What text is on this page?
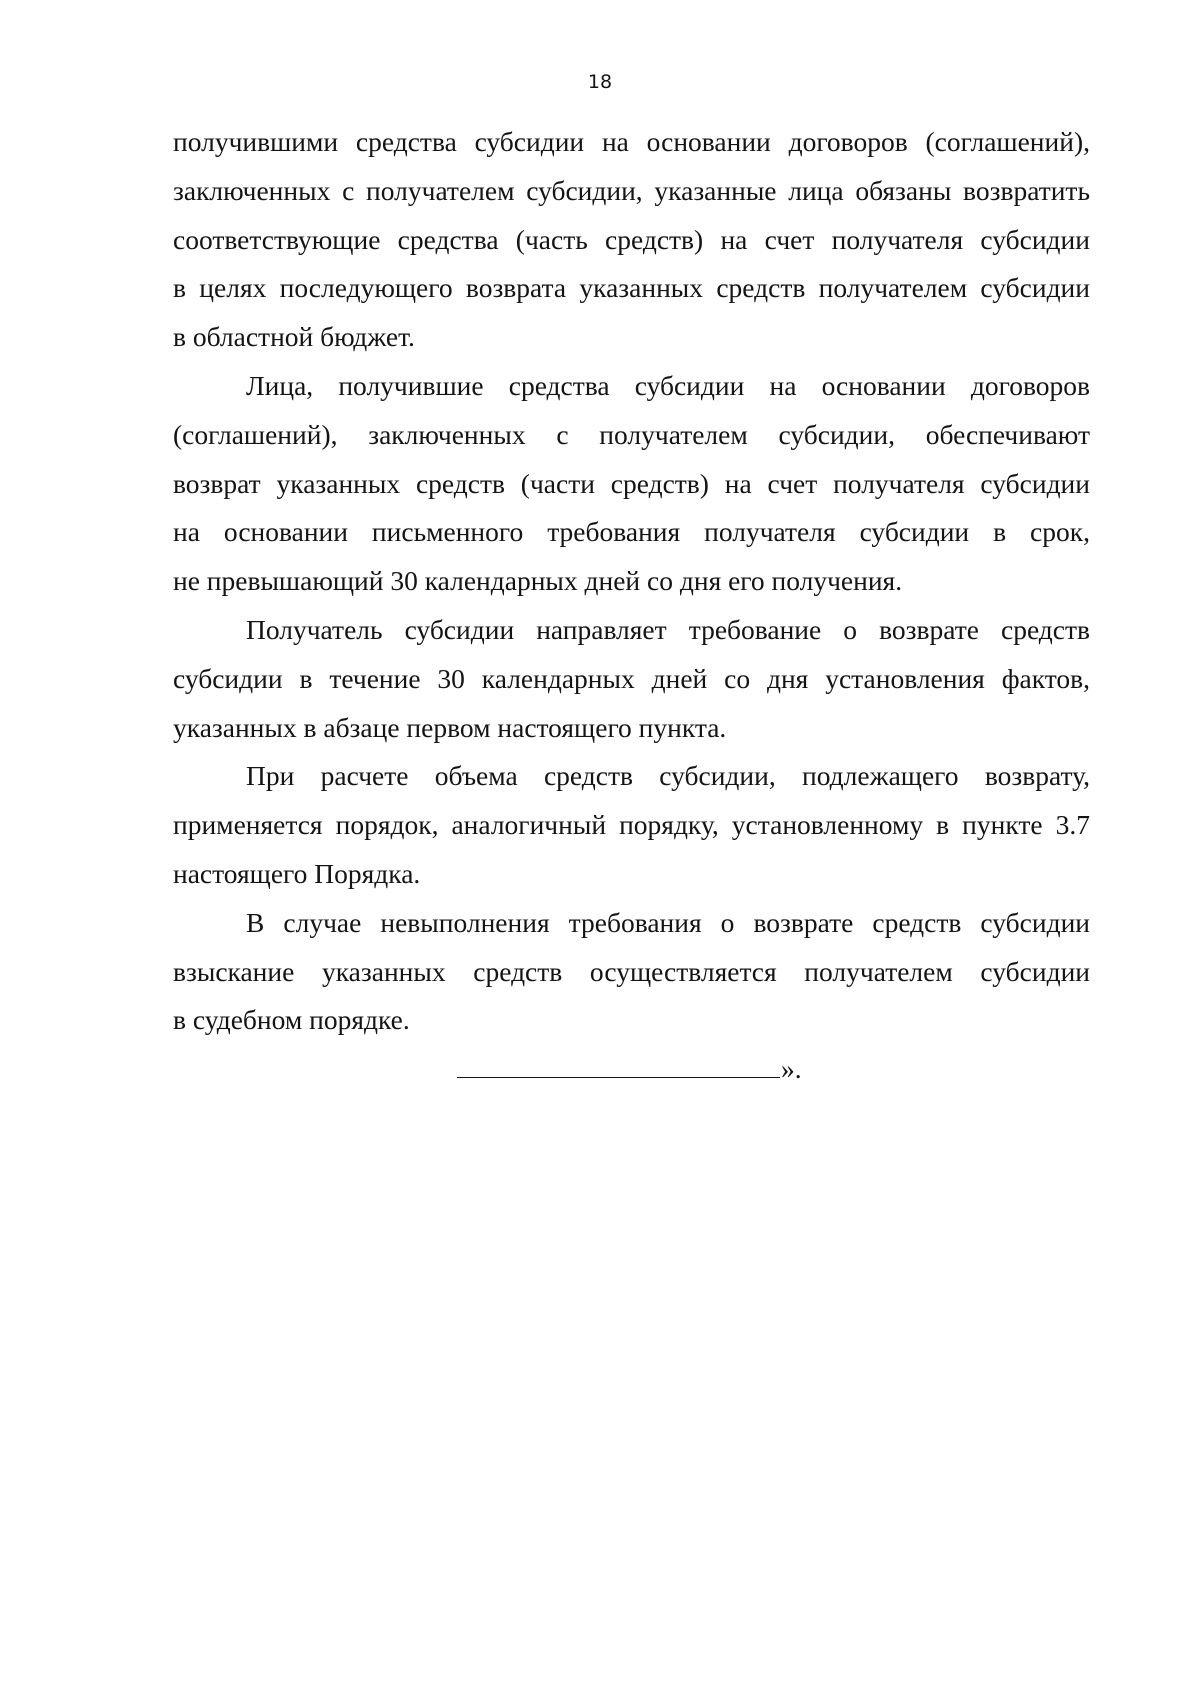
18
получившими средства субсидии на основании договоров (соглашений),
заключенных с получателем субсидии, указанные лица обязаны возвратить
соответствующие средства (часть средств) на счет получателя субсидии
в целях последующего возврата указанных средств получателем субсидии
в областной бюджет.
Лица, получившие средства субсидии на основании договоров
(соглашений), заключенных с получателем субсидии, обеспечивают
возврат указанных средств (части средств) на счет получателя субсидии
на основании письменного требования получателя субсидии в срок,
не превышающий 30 календарных дней со дня его получения.
Получатель субсидии направляет требование о возврате средств
субсидии в течение 30 календарных дней со дня установления фактов,
указанных в абзаце первом настоящего пункта.
При расчете объема средств субсидии, подлежащего возврату,
применяется порядок, аналогичный порядку, установленному в пункте 3.7
настоящего Порядка.
В случае невыполнения требования о возврате средств субсидии
взыскание указанных средств осуществляется получателем субсидии
в судебном порядке.
».
